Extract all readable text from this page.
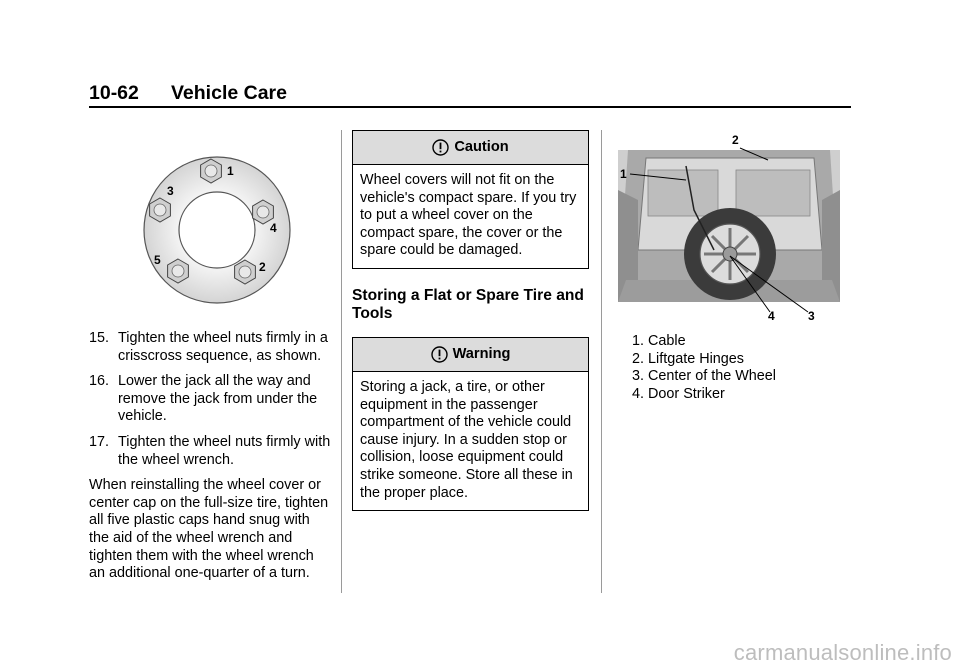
10-62 Vehicle Care
1
2
3
4
5
15. Tighten the wheel nuts firmly in a crisscross sequence, as shown.
16. Lower the jack all the way and remove the jack from under the vehicle.
17. Tighten the wheel nuts firmly with the wheel wrench.

When reinstalling the wheel cover or center cap on the full-size tire, tighten all five plastic caps hand snug with the aid of the wheel wrench and tighten them with the wheel wrench an additional one-quarter of a turn.

Caution
Wheel covers will not fit on the vehicle's compact spare. If you try to put a wheel cover on the compact spare, the cover or the spare could be damaged.
Storing a Flat or Spare Tire and Tools
Warning
Storing a jack, a tire, or other equipment in the passenger compartment of the vehicle could cause injury. In a sudden stop or collision, loose equipment could strike someone. Store all these in the proper place.
1
2
3
4
1. Cable
2. Liftgate Hinges
3. Center of the Wheel
4. Door Striker
carmanualsonline.info
